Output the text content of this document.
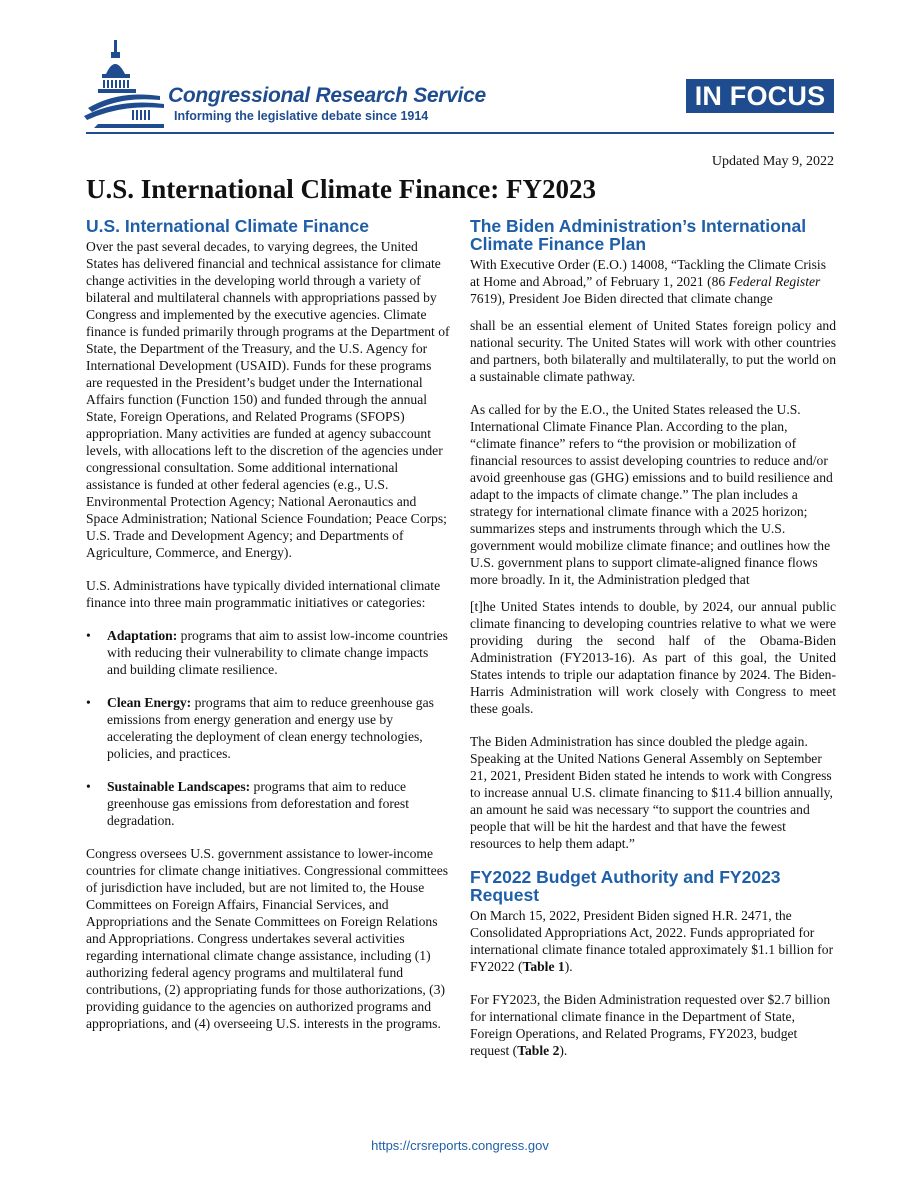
Congressional Research Service
Informing the legislative debate since 1914
IN FOCUS
Updated May 9, 2022
U.S. International Climate Finance: FY2023
U.S. International Climate Finance

Over the past several decades, to varying degrees, the United States has delivered financial and technical assistance for climate change activities in the developing world through a variety of bilateral and multilateral channels with appropriations passed by Congress and implemented by the executive agencies. Climate finance is funded primarily through programs at the Department of State, the Department of the Treasury, and the U.S. Agency for International Development (USAID). Funds for these programs are requested in the President’s budget under the International Affairs function (Function 150) and funded through the annual State, Foreign Operations, and Related Programs (SFOPS) appropriation. Many activities are funded at agency subaccount levels, with allocations left to the discretion of the agencies under congressional consultation. Some additional international assistance is funded at other federal agencies (e.g., U.S. Environmental Protection Agency; National Aeronautics and Space Administration; National Science Foundation; Peace Corps; U.S. Trade and Development Agency; and Departments of Agriculture, Commerce, and Energy).

U.S. Administrations have typically divided international climate finance into three main programmatic initiatives or categories:

• Adaptation: programs that aim to assist low-income countries with reducing their vulnerability to climate change impacts and building climate resilience.
• Clean Energy: programs that aim to reduce greenhouse gas emissions from energy generation and energy use by accelerating the deployment of clean energy technologies, policies, and practices.
• Sustainable Landscapes: programs that aim to reduce greenhouse gas emissions from deforestation and forest degradation.

Congress oversees U.S. government assistance to lower-income countries for climate change initiatives. Congressional committees of jurisdiction have included, but are not limited to, the House Committees on Foreign Affairs, Financial Services, and Appropriations and the Senate Committees on Foreign Relations and Appropriations. Congress undertakes several activities regarding international climate change assistance, including (1) authorizing federal agency programs and multilateral fund contributions, (2) appropriating funds for those authorizations, (3) providing guidance to the agencies on authorized programs and appropriations, and (4) overseeing U.S. interests in the programs.

The Biden Administration’s International Climate Finance Plan

With Executive Order (E.O.) 14008, “Tackling the Climate Crisis at Home and Abroad,” of February 1, 2021 (86 Federal Register 7619), President Joe Biden directed that climate change

shall be an essential element of United States foreign policy and national security. The United States will work with other countries and partners, both bilaterally and multilaterally, to put the world on a sustainable climate pathway.

As called for by the E.O., the United States released the U.S. International Climate Finance Plan. According to the plan, “climate finance” refers to “the provision or mobilization of financial resources to assist developing countries to reduce and/or avoid greenhouse gas (GHG) emissions and to build resilience and adapt to the impacts of climate change.” The plan includes a strategy for international climate finance with a 2025 horizon; summarizes steps and instruments through which the U.S. government would mobilize climate finance; and outlines how the U.S. government plans to support climate-aligned finance flows more broadly. In it, the Administration pledged that

[t]he United States intends to double, by 2024, our annual public climate financing to developing countries relative to what we were providing during the second half of the Obama-Biden Administration (FY2013-16). As part of this goal, the United States intends to triple our adaptation finance by 2024. The Biden-Harris Administration will work closely with Congress to meet these goals.

The Biden Administration has since doubled the pledge again. Speaking at the United Nations General Assembly on September 21, 2021, President Biden stated he intends to work with Congress to increase annual U.S. climate financing to $11.4 billion annually, an amount he said was necessary “to support the countries and people that will be hit the hardest and that have the fewest resources to help them adapt.”

FY2022 Budget Authority and FY2023 Request

On March 15, 2022, President Biden signed H.R. 2471, the Consolidated Appropriations Act, 2022. Funds appropriated for international climate finance totaled approximately $1.1 billion for FY2022 (Table 1).

For FY2023, the Biden Administration requested over $2.7 billion for international climate finance in the Department of State, Foreign Operations, and Related Programs, FY2023, budget request (Table 2).

https://crsreports.congress.gov
